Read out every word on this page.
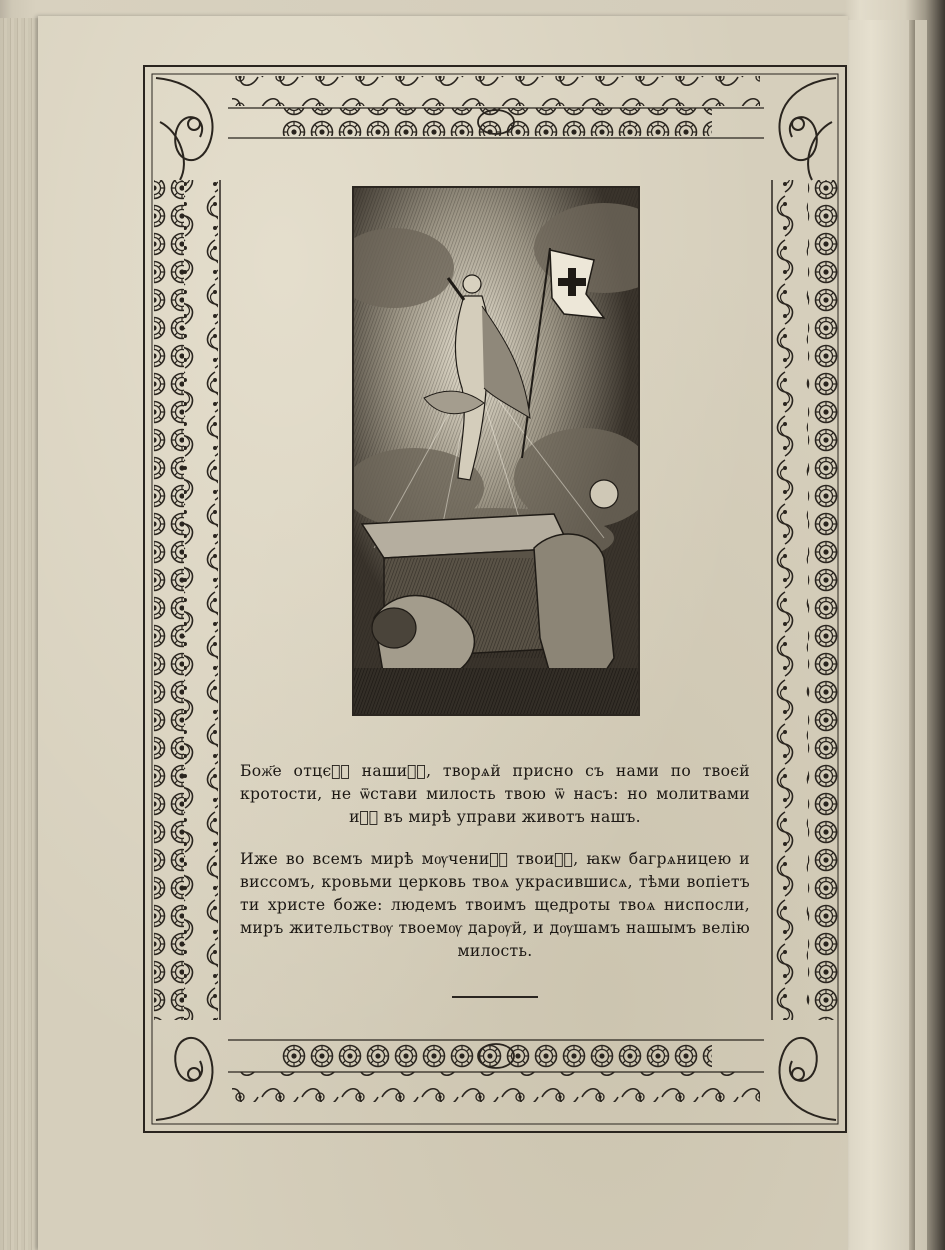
Бож҃е отцєⷨ҇ нашиⷯ҇, творѧй присно съ нами по твоєй кротости, не ѿстави милость твою ѿ насъ: но молитвами иⷯ҇ въ мирѣ управи животъ нашъ.
Иже во всемъ мирѣ мѹчениⷦ҇ твоиⷯ҇, ꙗкѡ багрѧницею и виссомъ, кровьми церковь твоѧ украсившисѧ, тѣми вопіетъ ти христе боже: людемъ твоимъ щедроты твоѧ ниспосли, миръ жительствѹ твоемѹ дарѹй, и дѹшамъ нашымъ велію милость.
